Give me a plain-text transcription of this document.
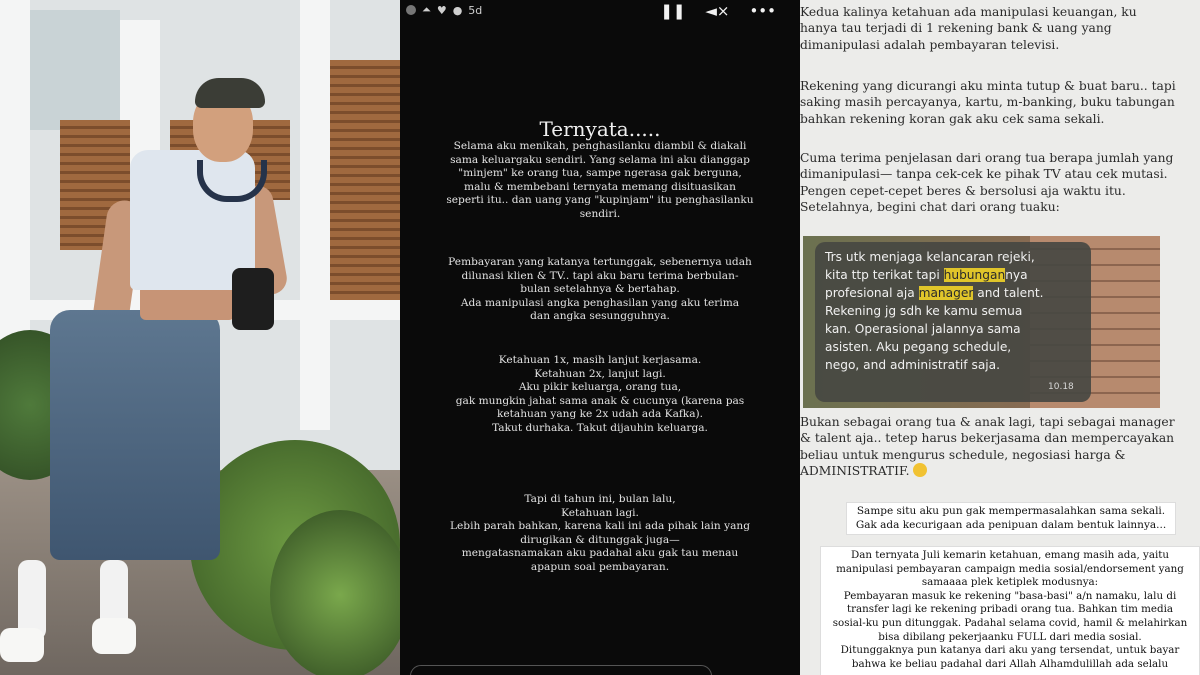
⏶ ♥ ● 5d	❚❚ ◄× •••
Ternyata.....
Selama aku menikah, penghasilanku diambil & diakali
sama keluargaku sendiri. Yang selama ini aku dianggap
"minjem" ke orang tua, sampe ngerasa gak berguna,
malu & membebani ternyata memang disituasikan
seperti itu.. dan uang yang "kupinjam" itu penghasilanku
sendiri.
Pembayaran yang katanya tertunggak, sebenernya udah
dilunasi klien & TV.. tapi aku baru terima berbulan-
bulan setelahnya & bertahap.
Ada manipulasi angka penghasilan yang aku terima
dan angka sesungguhnya.
Ketahuan 1x, masih lanjut kerjasama.
Ketahuan 2x, lanjut lagi.
Aku pikir keluarga, orang tua,
gak mungkin jahat sama anak & cucunya (karena pas
ketahuan yang ke 2x udah ada Kafka).
Takut durhaka. Takut dijauhin keluarga.
Tapi di tahun ini, bulan lalu,
Ketahuan lagi.
Lebih parah bahkan, karena kali ini ada pihak lain yang
dirugikan & ditunggak juga—
mengatasnamakan aku padahal aku gak tau menau
apapun soal pembayaran.
Kedua kalinya ketahuan ada manipulasi keuangan, ku
hanya tau terjadi di 1 rekening bank & uang yang
dimanipulasi adalah pembayaran televisi.
Rekening yang dicurangi aku minta tutup & buat baru.. tapi
saking masih percayanya, kartu, m-banking, buku tabungan
bahkan rekening koran gak aku cek sama sekali.
Cuma terima penjelasan dari orang tua berapa jumlah yang
dimanipulasi— tanpa cek-cek ke pihak TV atau cek mutasi.
Pengen cepet-cepet beres & bersolusi aja waktu itu.
Setelahnya, begini chat dari orang tuaku:
Trs utk menjaga kelancaran rejeki,
kita ttp terikat tapi hubungannya
profesional aja manager and talent.
Rekening jg sdh ke kamu semua
kan. Operasional jalannya sama
asisten. Aku pegang schedule,
nego, and administratif saja.
10.18
Bukan sebagai orang tua & anak lagi, tapi sebagai manager
& talent aja.. tetep harus bekerjasama dan mempercayakan
beliau untuk mengurus schedule, negosiasi harga &
ADMINISTRATIF.
Sampe situ aku pun gak mempermasalahkan sama sekali.
Gak ada kecurigaan ada penipuan dalam bentuk lainnya...
Dan ternyata Juli kemarin ketahuan, emang masih ada, yaitu
manipulasi pembayaran campaign media sosial/endorsement yang
samaaaa plek ketiplek modusnya:
Pembayaran masuk ke rekening "basa-basi" a/n namaku, lalu di
transfer lagi ke rekening pribadi orang tua. Bahkan tim media
sosial-ku pun ditunggak. Padahal selama covid, hamil & melahirkan
bisa dibilang pekerjaanku FULL dari media sosial.
Ditunggaknya pun katanya dari aku yang tersendat, untuk bayar
bahwa ke beliau padahal dari Allah Alhamdulillah ada selalu
